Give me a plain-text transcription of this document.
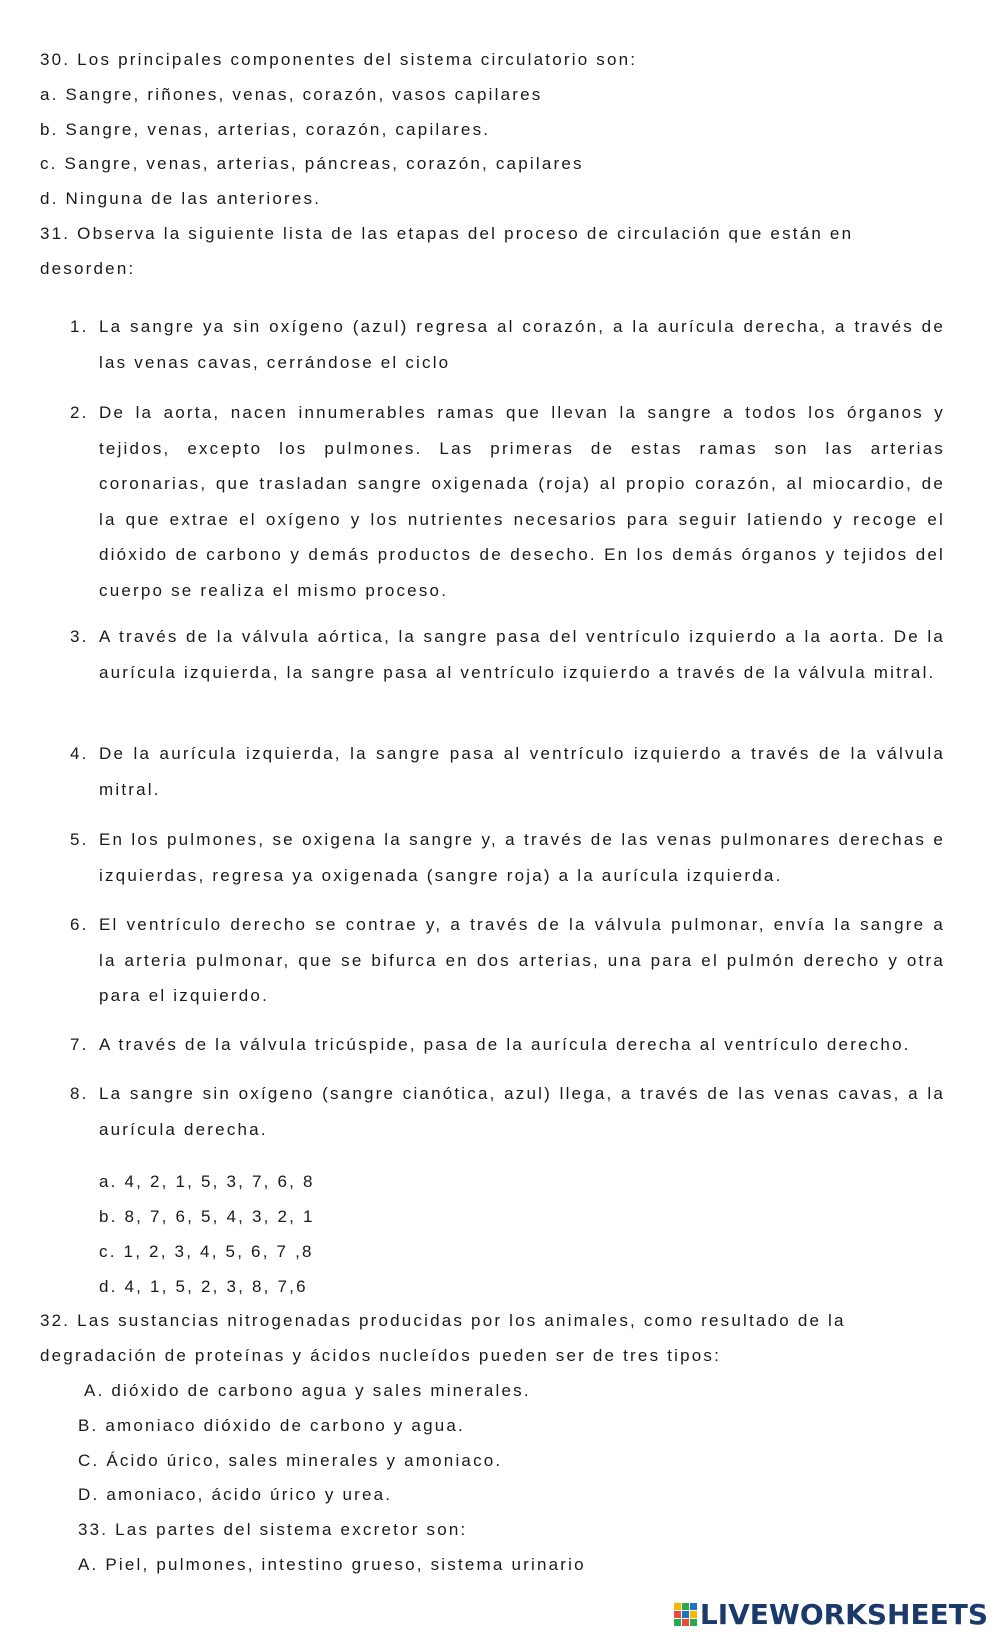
30. Los principales componentes del sistema circulatorio son:
a. Sangre, riñones, venas, corazón, vasos capilares
b. Sangre, venas, arterias, corazón, capilares.
c. Sangre, venas, arterias, páncreas, corazón, capilares
d. Ninguna de las anteriores.
31. Observa la siguiente lista de las etapas del proceso de circulación que están en
desorden:
1. La sangre ya sin oxígeno (azul) regresa al corazón, a la aurícula derecha, a través de las venas cavas, cerrándose el ciclo
2. De la aorta, nacen innumerables ramas que llevan la sangre a todos los órganos y tejidos, excepto los pulmones. Las primeras de estas ramas son las arterias coronarias, que trasladan sangre oxigenada (roja) al propio corazón, al miocardio, de la que extrae el oxígeno y los nutrientes necesarios para seguir latiendo y recoge el dióxido de carbono y demás productos de desecho. En los demás órganos y tejidos del cuerpo se realiza el mismo proceso.
3. A través de la válvula aórtica, la sangre pasa del ventrículo izquierdo a la aorta. De la aurícula izquierda, la sangre pasa al ventrículo izquierdo a través de la válvula mitral.
4. De la aurícula izquierda, la sangre pasa al ventrículo izquierdo a través de la válvula mitral.
5. En los pulmones, se oxigena la sangre y, a través de las venas pulmonares derechas e izquierdas, regresa ya oxigenada (sangre roja) a la aurícula izquierda.
6. El ventrículo derecho se contrae y, a través de la válvula pulmonar, envía la sangre a la arteria pulmonar, que se bifurca en dos arterias, una para el pulmón derecho y otra para el izquierdo.
7. A través de la válvula tricúspide, pasa de la aurícula derecha al ventrículo derecho.
8. La sangre sin oxígeno (sangre cianótica, azul) llega, a través de las venas cavas, a la aurícula derecha.
a. 4, 2, 1, 5, 3, 7, 6, 8
b. 8, 7, 6, 5, 4, 3, 2, 1
c. 1, 2, 3, 4, 5, 6, 7 ,8
d. 4, 1, 5, 2, 3, 8, 7,6
32. Las sustancias nitrogenadas producidas por los animales, como resultado de la
degradación de proteínas y ácidos nucleídos pueden ser de tres tipos:
A. dióxido de carbono agua y sales minerales.
B. amoniaco dióxido de carbono y agua.
C. Ácido úrico, sales minerales y amoniaco.
D. amoniaco, ácido úrico y urea.
33. Las partes del sistema excretor son:
A. Piel, pulmones, intestino grueso, sistema urinario
LIVEWORKSHEETS
